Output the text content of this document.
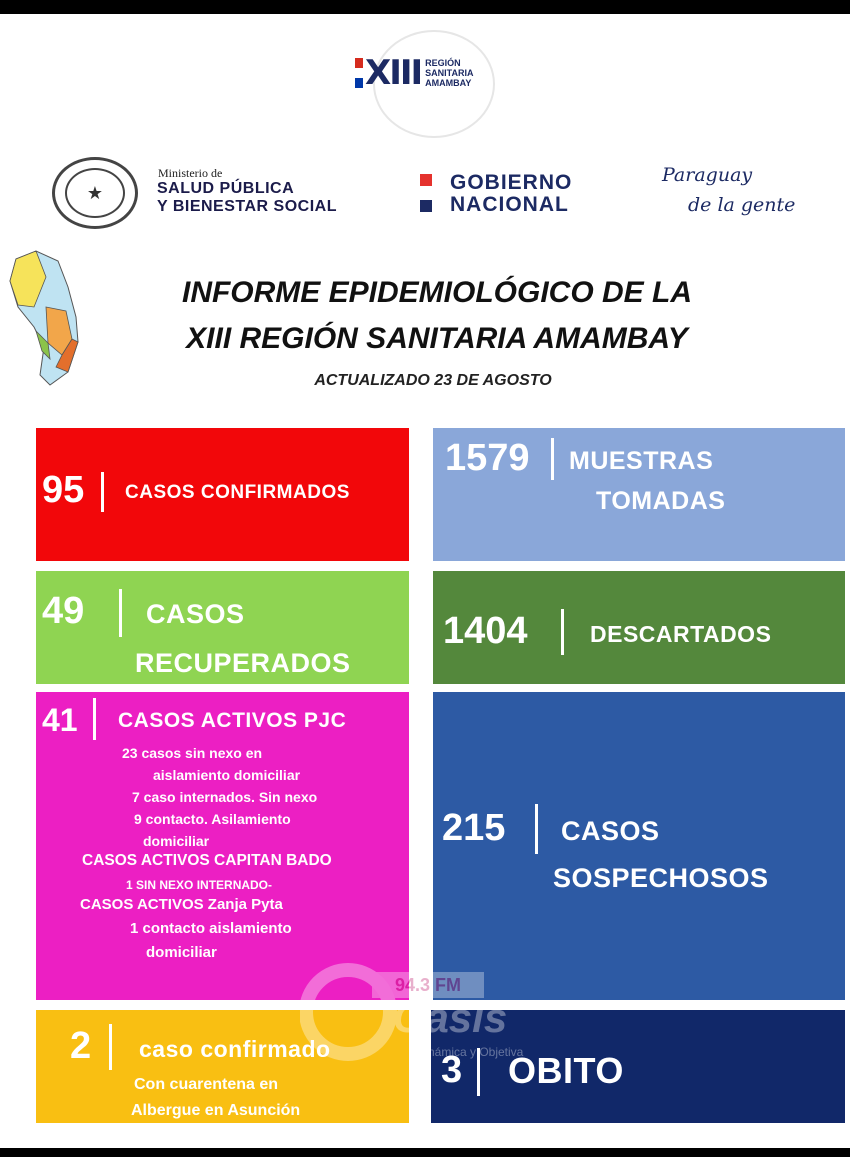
XIII REGIÓN
SANITARIA
AMAMBAY
★
Ministerio de
SALUD PÚBLICA
Y BIENESTAR SOCIAL
GOBIERNO
NACIONAL
Paraguay
de la gente
INFORME EPIDEMIOLÓGICO DE LA
XIII REGIÓN SANITARIA AMAMBAY
ACTUALIZADO 23 DE AGOSTO
95 CASOS CONFIRMADOS
1579 MUESTRAS
TOMADAS
49 CASOS
RECUPERADOS
1404	DESCARTADOS
41 CASOS ACTIVOS PJC
23 casos sin nexo en
aislamiento domiciliar
7 caso internados. Sin nexo
9 contacto. Asilamiento
domiciliar
CASOS ACTIVOS CAPITAN BADO
1 SIN NEXO INTERNADO-
CASOS ACTIVOS Zanja Pyta
1 contacto aislamiento
domiciliar
215 CASOS
SOSPECHOSOS
2 caso confirmado
Con cuarentena en
Albergue en Asunción
3 OBITO
94.3 FM
Oasis
Dinámica y Objetiva
